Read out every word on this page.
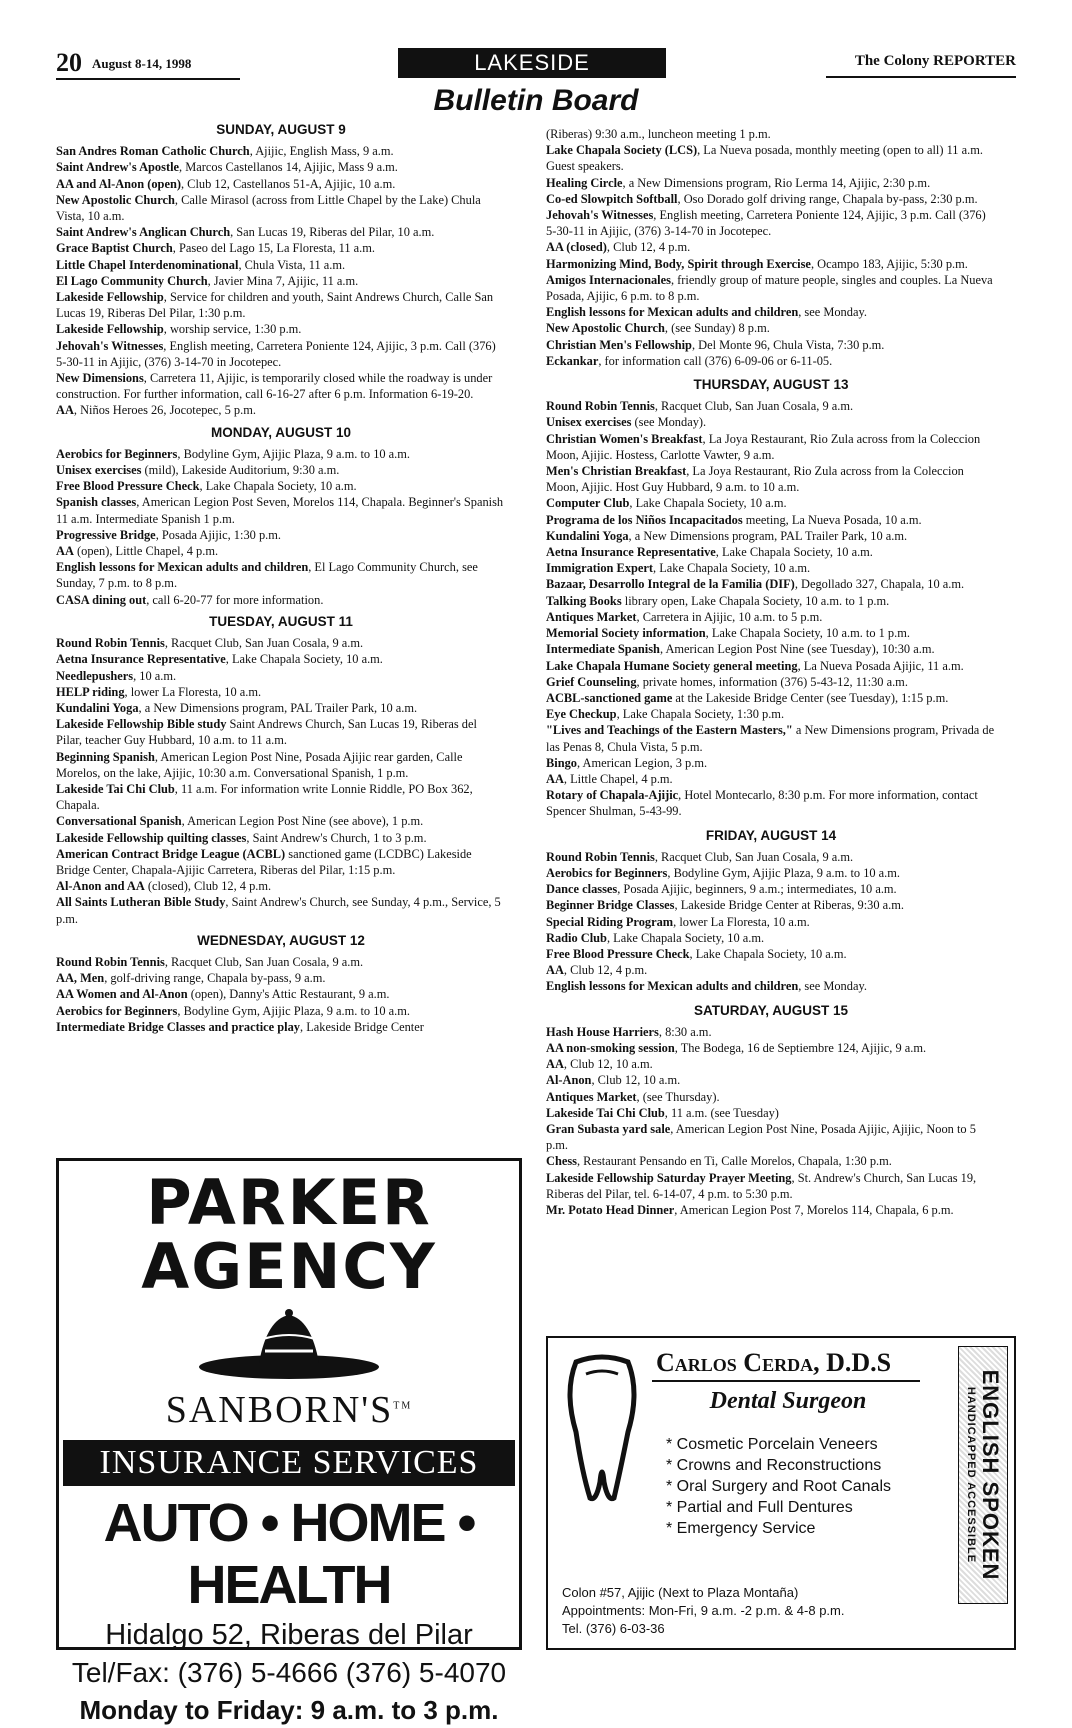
20 August 8-14, 1998	LAKESIDE	The Colony REPORTER
Bulletin Board
SUNDAY, AUGUST 9
San Andres Roman Catholic Church, Ajijic, English Mass, 9 a.m.
Saint Andrew's Apostle, Marcos Castellanos 14, Ajijic, Mass 9 a.m.
AA and Al-Anon (open), Club 12, Castellanos 51-A, Ajijic, 10 a.m.
New Apostolic Church, Calle Mirasol (across from Little Chapel by the Lake) Chula Vista, 10 a.m.
Saint Andrew's Anglican Church, San Lucas 19, Riberas del Pilar, 10 a.m.
Grace Baptist Church, Paseo del Lago 15, La Floresta, 11 a.m.
Little Chapel Interdenominational, Chula Vista, 11 a.m.
El Lago Community Church, Javier Mina 7, Ajijic, 11 a.m.
Lakeside Fellowship, Service for children and youth, Saint Andrews Church, Calle San Lucas 19, Riberas Del Pilar, 1:30 p.m.
Lakeside Fellowship, worship service, 1:30 p.m.
Jehovah's Witnesses, English meeting, Carretera Poniente 124, Ajijic, 3 p.m. Call (376) 5-30-11 in Ajijic, (376) 3-14-70 in Jocotepec.
New Dimensions, Carretera 11, Ajijic, is temporarily closed while the roadway is under construction. For further information, call 6-16-27 after 6 p.m. Information 6-19-20.
AA, Niños Heroes 26, Jocotepec, 5 p.m.
MONDAY, AUGUST 10
Aerobics for Beginners, Bodyline Gym, Ajijic Plaza, 9 a.m. to 10 a.m.
Unisex exercises (mild), Lakeside Auditorium, 9:30 a.m.
Free Blood Pressure Check, Lake Chapala Society, 10 a.m.
Spanish classes, American Legion Post Seven, Morelos 114, Chapala. Beginner's Spanish 11 a.m. Intermediate Spanish 1 p.m.
Progressive Bridge, Posada Ajijic, 1:30 p.m.
AA (open), Little Chapel, 4 p.m.
English lessons for Mexican adults and children, El Lago Community Church, see Sunday, 7 p.m. to 8 p.m.
CASA dining out, call 6-20-77 for more information.
TUESDAY, AUGUST 11
Round Robin Tennis, Racquet Club, San Juan Cosala, 9 a.m.
Aetna Insurance Representative, Lake Chapala Society, 10 a.m.
Needlepushers, 10 a.m.
HELP riding, lower La Floresta, 10 a.m.
Kundalini Yoga, a New Dimensions program, PAL Trailer Park, 10 a.m.
Lakeside Fellowship Bible study Saint Andrews Church, San Lucas 19, Riberas del Pilar, teacher Guy Hubbard, 10 a.m. to 11 a.m.
Beginning Spanish, American Legion Post Nine, Posada Ajijic rear garden, Calle Morelos, on the lake, Ajijic, 10:30 a.m. Conversational Spanish, 1 p.m.
Lakeside Tai Chi Club, 11 a.m. For information write Lonnie Riddle, PO Box 362, Chapala.
Conversational Spanish, American Legion Post Nine (see above), 1 p.m.
Lakeside Fellowship quilting classes, Saint Andrew's Church, 1 to 3 p.m.
American Contract Bridge League (ACBL) sanctioned game (LCDBC) Lakeside Bridge Center, Chapala-Ajijic Carretera, Riberas del Pilar, 1:15 p.m.
Al-Anon and AA (closed), Club 12, 4 p.m.
All Saints Lutheran Bible Study, Saint Andrew's Church, see Sunday, 4 p.m., Service, 5 p.m.
WEDNESDAY, AUGUST 12
Round Robin Tennis, Racquet Club, San Juan Cosala, 9 a.m.
AA, Men, golf-driving range, Chapala by-pass, 9 a.m.
AA Women and Al-Anon (open), Danny's Attic Restaurant, 9 a.m.
Aerobics for Beginners, Bodyline Gym, Ajijic Plaza, 9 a.m. to 10 a.m.
Intermediate Bridge Classes and practice play, Lakeside Bridge Center
(Riberas) 9:30 a.m., luncheon meeting 1 p.m.
Lake Chapala Society (LCS), La Nueva posada, monthly meeting (open to all) 11 a.m. Guest speakers.
Healing Circle, a New Dimensions program, Rio Lerma 14, Ajijic, 2:30 p.m.
Co-ed Slowpitch Softball, Oso Dorado golf driving range, Chapala by-pass, 2:30 p.m.
Jehovah's Witnesses, English meeting, Carretera Poniente 124, Ajijic, 3 p.m. Call (376) 5-30-11 in Ajijic, (376) 3-14-70 in Jocotepec.
AA (closed), Club 12, 4 p.m.
Harmonizing Mind, Body, Spirit through Exercise, Ocampo 183, Ajijic, 5:30 p.m.
Amigos Internacionales, friendly group of mature people, singles and couples. La Nueva Posada, Ajijic, 6 p.m. to 8 p.m.
English lessons for Mexican adults and children, see Monday.
New Apostolic Church, (see Sunday) 8 p.m.
Christian Men's Fellowship, Del Monte 96, Chula Vista, 7:30 p.m.
Eckankar, for information call (376) 6-09-06 or 6-11-05.
THURSDAY, AUGUST 13
Round Robin Tennis, Racquet Club, San Juan Cosala, 9 a.m.
Unisex exercises (see Monday).
Christian Women's Breakfast, La Joya Restaurant, Rio Zula across from la Coleccion Moon, Ajijic. Hostess, Carlotte Vawter, 9 a.m.
Men's Christian Breakfast, La Joya Restaurant, Rio Zula across from la Coleccion Moon, Ajijic. Host Guy Hubbard, 9 a.m. to 10 a.m.
Computer Club, Lake Chapala Society, 10 a.m.
Programa de los Niños Incapacitados meeting, La Nueva Posada, 10 a.m.
Kundalini Yoga, a New Dimensions program, PAL Trailer Park, 10 a.m.
Aetna Insurance Representative, Lake Chapala Society, 10 a.m.
Immigration Expert, Lake Chapala Society, 10 a.m.
Bazaar, Desarrollo Integral de la Familia (DIF), Degollado 327, Chapala, 10 a.m.
Talking Books library open, Lake Chapala Society, 10 a.m. to 1 p.m.
Antiques Market, Carretera in Ajijic, 10 a.m. to 5 p.m.
Memorial Society information, Lake Chapala Society, 10 a.m. to 1 p.m.
Intermediate Spanish, American Legion Post Nine (see Tuesday), 10:30 a.m.
Lake Chapala Humane Society general meeting, La Nueva Posada Ajijic, 11 a.m.
Grief Counseling, private homes, information (376) 5-43-12, 11:30 a.m.
ACBL-sanctioned game at the Lakeside Bridge Center (see Tuesday), 1:15 p.m.
Eye Checkup, Lake Chapala Society, 1:30 p.m.
"Lives and Teachings of the Eastern Masters," a New Dimensions program, Privada de las Penas 8, Chula Vista, 5 p.m.
Bingo, American Legion, 3 p.m.
AA, Little Chapel, 4 p.m.
Rotary of Chapala-Ajijic, Hotel Montecarlo, 8:30 p.m. For more information, contact Spencer Shulman, 5-43-99.
FRIDAY, AUGUST 14
Round Robin Tennis, Racquet Club, San Juan Cosala, 9 a.m.
Aerobics for Beginners, Bodyline Gym, Ajijic Plaza, 9 a.m. to 10 a.m.
Dance classes, Posada Ajijic, beginners, 9 a.m.; intermediates, 10 a.m.
Beginner Bridge Classes, Lakeside Bridge Center at Riberas, 9:30 a.m.
Special Riding Program, lower La Floresta, 10 a.m.
Radio Club, Lake Chapala Society, 10 a.m.
Free Blood Pressure Check, Lake Chapala Society, 10 a.m.
AA, Club 12, 4 p.m.
English lessons for Mexican adults and children, see Monday.
SATURDAY, AUGUST 15
Hash House Harriers, 8:30 a.m.
AA non-smoking session, The Bodega, 16 de Septiembre 124, Ajijic, 9 a.m.
AA, Club 12, 10 a.m.
Al-Anon, Club 12, 10 a.m.
Antiques Market, (see Thursday).
Lakeside Tai Chi Club, 11 a.m. (see Tuesday)
Gran Subasta yard sale, American Legion Post Nine, Posada Ajijic, Ajijic, Noon to 5 p.m.
Chess, Restaurant Pensando en Ti, Calle Morelos, Chapala, 1:30 p.m.
Lakeside Fellowship Saturday Prayer Meeting, St. Andrew's Church, San Lucas 19, Riberas del Pilar, tel. 6-14-07, 4 p.m. to 5:30 p.m.
Mr. Potato Head Dinner, American Legion Post 7, Morelos 114, Chapala, 6 p.m.
PARKER
AGENCY
SANBORN'S™
INSURANCE SERVICES
AUTO • HOME • HEALTH
Hidalgo 52, Riberas del Pilar
Tel/Fax: (376) 5-4666 (376) 5-4070
Monday to Friday: 9 a.m. to 3 p.m.
Carlos Cerda, D.D.S
Dental Surgeon
* Cosmetic Porcelain Veneers
* Crowns and Reconstructions
* Oral Surgery and Root Canals
* Partial and Full Dentures
* Emergency Service
Colon #57, Ajijic (Next to Plaza Montaña)
Appointments: Mon-Fri, 9 a.m. -2 p.m. & 4-8 p.m.
Tel. (376) 6-03-36
ENGLISH SPOKEN
HANDICAPPED ACCESSIBLE
